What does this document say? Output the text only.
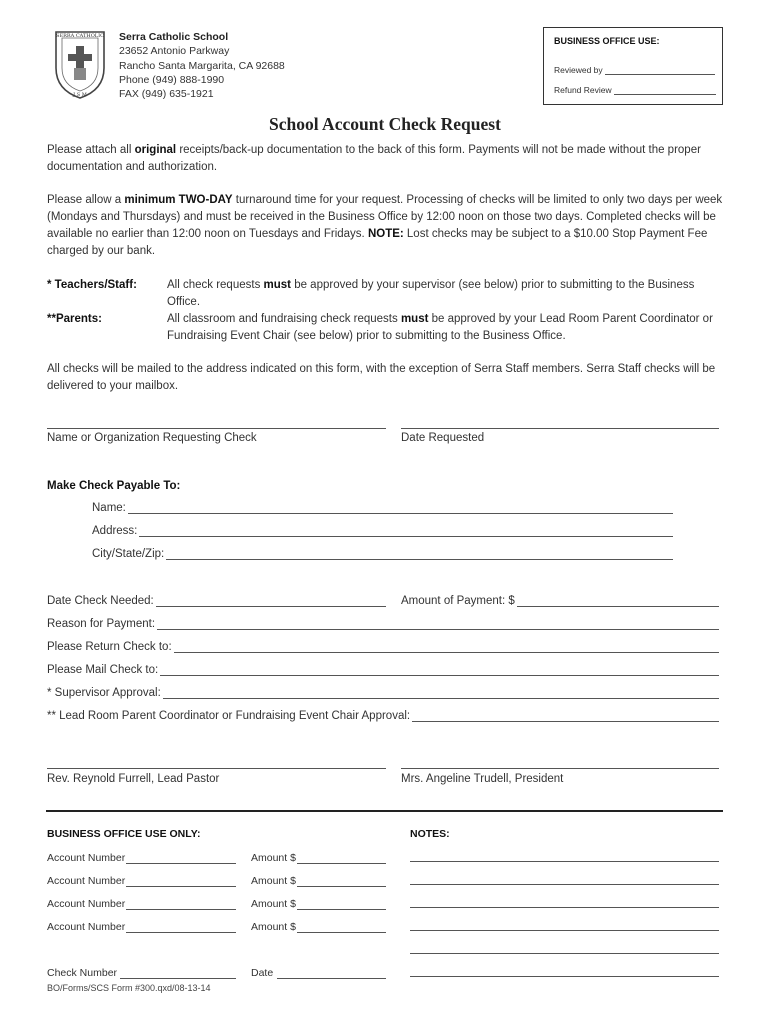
SERRA CATHOLIC
J S M
Serra Catholic School
23652 Antonio Parkway
Rancho Santa Margarita, CA 92688
Phone (949) 888-1990
FAX (949) 635-1921
BUSINESS OFFICE USE:
Reviewed by
Refund Review
School Account Check Request
Please attach all original receipts/back-up documentation to the back of this form. Payments will not be made without the proper documentation and authorization.
Please allow a minimum TWO-DAY turnaround time for your request. Processing of checks will be limited to only two days per week (Mondays and Thursdays) and must be received in the Business Office by 12:00 noon on those two days. Completed checks will be available no earlier than 12:00 noon on Tuesdays and Fridays. NOTE: Lost checks may be subject to a $10.00 Stop Payment Fee charged by our bank.
* Teachers/Staff:	All check requests must be approved by your supervisor (see below) prior to submitting to the Business Office.
**Parents:	All classroom and fundraising check requests must be approved by your Lead Room Parent Coordinator or Fundraising Event Chair (see below) prior to submitting to the Business Office.
All checks will be mailed to the address indicated on this form, with the exception of Serra Staff members. Serra Staff checks will be delivered to your mailbox.
Name or Organization Requesting Check	Date Requested
Make Check Payable To:
Name:
Address:
City/State/Zip:
Date Check Needed:	Amount of Payment: $
Reason for Payment:
Please Return Check to:
Please Mail Check to:
* Supervisor Approval:
** Lead Room Parent Coordinator or Fundraising Event Chair Approval:
Rev. Reynold Furrell, Lead Pastor	Mrs. Angeline Trudell, President
BUSINESS OFFICE USE ONLY:	NOTES:
Account Number	Amount $
Account Number	Amount $
Account Number	Amount $
Account Number	Amount $
Check Number	Date
BO/Forms/SCS Form #300.qxd/08-13-14
